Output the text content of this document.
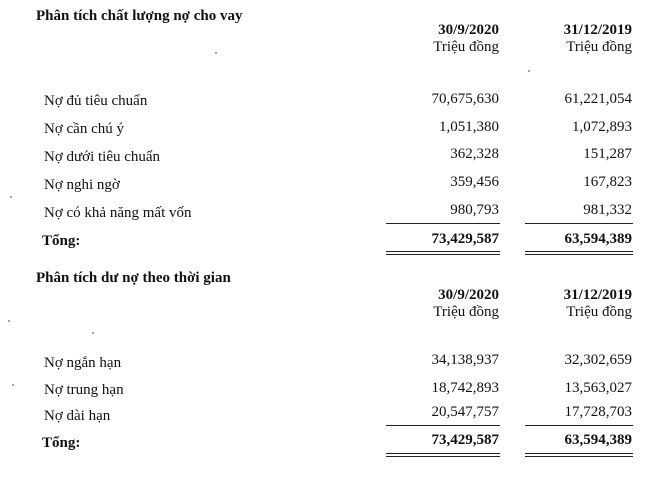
Phân tích chất lượng nợ cho vay
30/9/2020
Triệu đồng
31/12/2019
Triệu đồng
Nợ đủ tiêu chuẩn	70,675,630	61,221,054
Nợ cần chú ý	1,051,380	1,072,893
Nợ dưới tiêu chuẩn	362,328	151,287
Nợ nghi ngờ	359,456	167,823
Nợ có khả năng mất vốn	980,793	981,332
Tổng:	73,429,587	63,594,389
Phân tích dư nợ theo thời gian
30/9/2020
Triệu đồng
31/12/2019
Triệu đồng
Nợ ngắn hạn	34,138,937	32,302,659
Nợ trung hạn	18,742,893	13,563,027
Nợ dài hạn	20,547,757	17,728,703
Tổng:	73,429,587	63,594,389
